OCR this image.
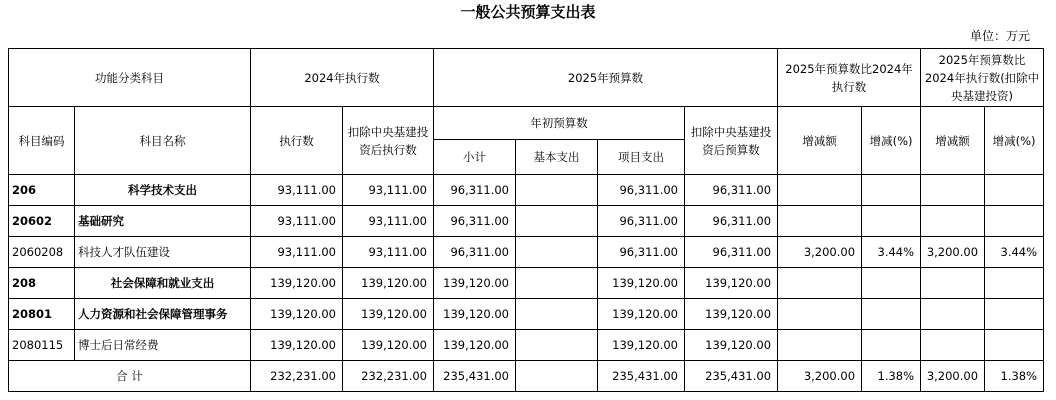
一般公共预算支出表
单位：万元
功能分类科目		2024年执行数		2025年预算数				2025年预算数比2024年执行数		2025年预算数比2024年执行数(扣除中央基建投资)	
科目编码	科目名称	执行数	扣除中央基建投资后执行数	年初预算数			扣除中央基建投资后预算数	增减额	增减(%)	增减额	增减(%)
				小计	基本支出	项目支出					
206	科学技术支出	93,111.00	93,111.00	96,311.00		96,311.00	96,311.00				
20602	基础研究	93,111.00	93,111.00	96,311.00		96,311.00	96,311.00				
2060208	科技人才队伍建设	93,111.00	93,111.00	96,311.00		96,311.00	96,311.00	3,200.00	3.44%	3,200.00	3.44%
208	社会保障和就业支出	139,120.00	139,120.00	139,120.00		139,120.00	139,120.00				
20801	人力资源和社会保障管理事务	139,120.00	139,120.00	139,120.00		139,120.00	139,120.00				
2080115	博士后日常经费	139,120.00	139,120.00	139,120.00		139,120.00	139,120.00				
合 计		232,231.00	232,231.00	235,431.00		235,431.00	235,431.00	3,200.00	1.38%	3,200.00	1.38%
